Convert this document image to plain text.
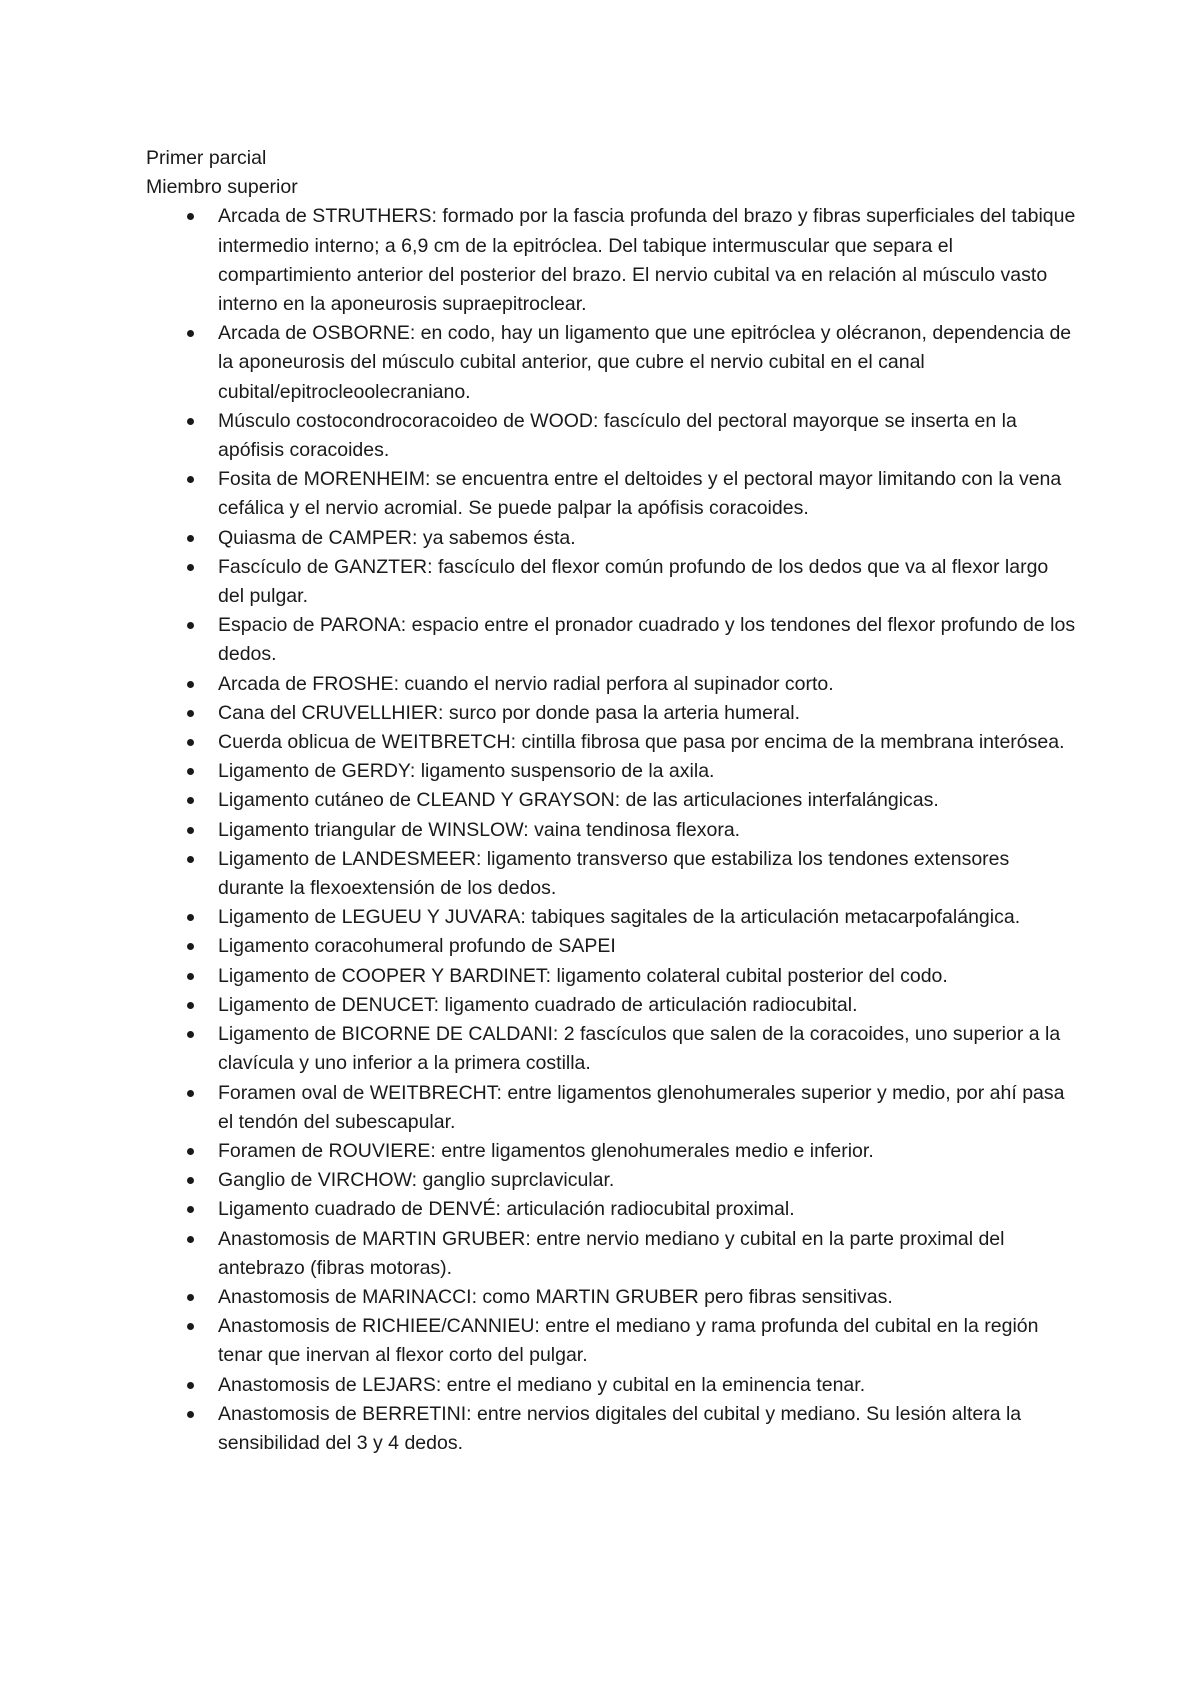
Primer parcial

Miembro superior

Arcada de STRUTHERS: formado por la fascia profunda del brazo y fibras superficiales del tabique intermedio interno; a 6,9 cm de la epitróclea. Del tabique intermuscular que separa el compartimiento anterior del posterior del brazo. El nervio cubital va en relación al músculo vasto interno en la aponeurosis supraepitroclear.
Arcada de OSBORNE: en codo, hay un ligamento que une epitróclea y olécranon, dependencia de la aponeurosis del músculo cubital anterior, que cubre el nervio cubital en el canal cubital/epitrocleoolecraniano.
Músculo costocondrocoracoideo de WOOD: fascículo del pectoral mayorque se inserta en la apófisis coracoides.
Fosita de MORENHEIM: se encuentra entre el deltoides y el pectoral mayor limitando con la vena cefálica y el nervio acromial. Se puede palpar la apófisis coracoides.
Quiasma de CAMPER: ya sabemos ésta.
Fascículo de GANZTER: fascículo del flexor común profundo de los dedos que va al flexor largo del pulgar.
Espacio de PARONA: espacio entre el pronador cuadrado y los tendones del flexor profundo de los dedos.
Arcada de FROSHE: cuando el nervio radial perfora al supinador corto.
Cana del CRUVELLHIER: surco por donde pasa la arteria humeral.
Cuerda oblicua de WEITBRETCH: cintilla fibrosa que pasa por encima de la membrana interósea.
Ligamento de GERDY: ligamento suspensorio de la axila.
Ligamento cutáneo de CLEAND Y GRAYSON: de las articulaciones interfalángicas.
Ligamento triangular de WINSLOW: vaina tendinosa flexora.
Ligamento de LANDESMEER: ligamento transverso que estabiliza los tendones extensores durante la flexoextensión de los dedos.
Ligamento de LEGUEU Y JUVARA: tabiques sagitales de la articulación metacarpofalángica.
Ligamento coracohumeral profundo de SAPEI
Ligamento de COOPER Y BARDINET: ligamento colateral cubital posterior del codo.
Ligamento de DENUCET: ligamento cuadrado de articulación radiocubital.
Ligamento de BICORNE DE CALDANI: 2 fascículos que salen de la coracoides, uno superior a la clavícula y uno inferior a la primera costilla.
Foramen oval de WEITBRECHT: entre ligamentos glenohumerales superior y medio, por ahí pasa el tendón del subescapular.
Foramen de ROUVIERE: entre ligamentos glenohumerales medio e inferior.
Ganglio de VIRCHOW: ganglio suprclavicular.
Ligamento cuadrado de DENVÉ: articulación radiocubital proximal.
Anastomosis de MARTIN GRUBER: entre nervio mediano y cubital en la parte proximal del antebrazo (fibras motoras).
Anastomosis de MARINACCI: como MARTIN GRUBER pero fibras sensitivas.
Anastomosis de RICHIEE/CANNIEU: entre el mediano y rama profunda del cubital en la región tenar que inervan al flexor corto del pulgar.
Anastomosis de LEJARS: entre el mediano y cubital en la eminencia tenar.
Anastomosis de BERRETINI: entre nervios digitales del cubital y mediano. Su lesión altera la sensibilidad del 3 y 4 dedos.
